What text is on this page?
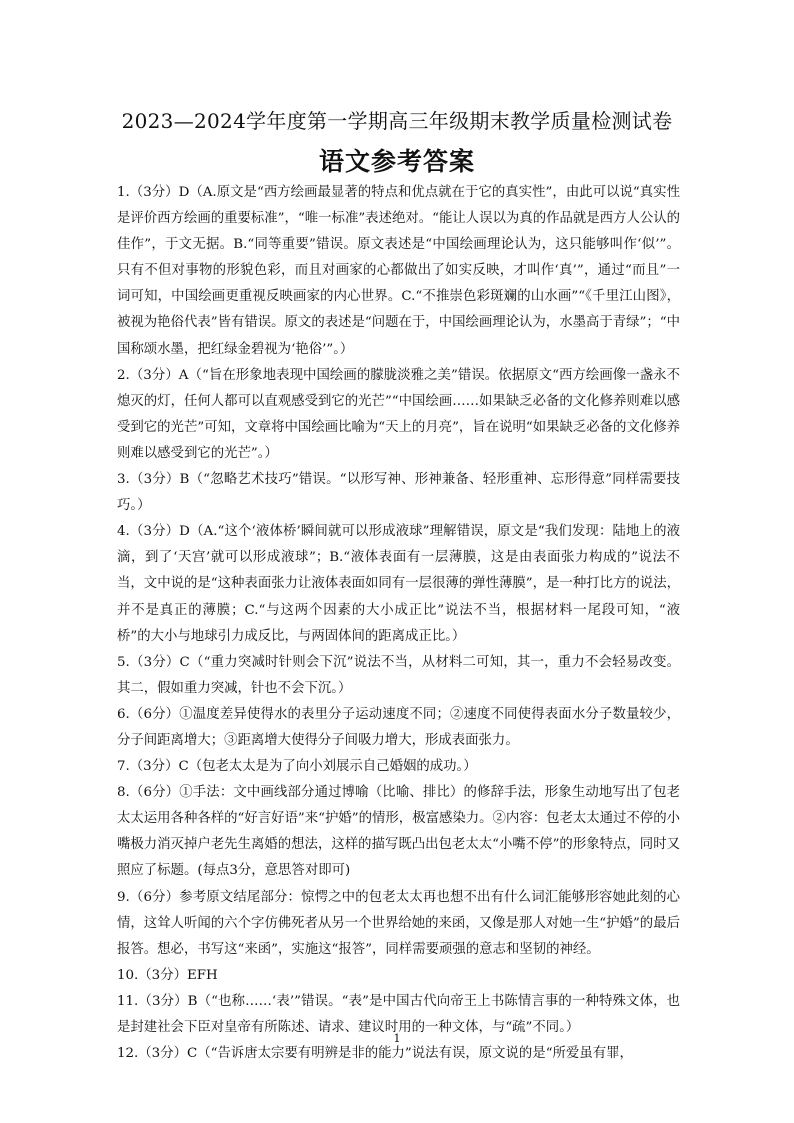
2023—2024学年度第一学期高三年级期末教学质量检测试卷
语文参考答案

1.（3分）D（A.原文是“西方绘画最显著的特点和优点就在于它的真实性”，由此可以说“真实性是评价西方绘画的重要标准”，“唯一标准”表述绝对。“能让人误以为真的作品就是西方人公认的佳作”，于文无据。B.“同等重要”错误。原文表述是“中国绘画理论认为，这只能够叫作‘似’”。只有不但对事物的形貌色彩，而且对画家的心都做出了如实反映，才叫作‘真’”，通过“而且”一词可知，中国绘画更重视反映画家的内心世界。C.“不推崇色彩斑斓的山水画”“《千里江山图》，被视为艳俗代表”皆有错误。原文的表述是“问题在于，中国绘画理论认为，水墨高于青绿”；“中国称颂水墨，把红绿金碧视为‘艳俗’”。）

2.（3分）A（“旨在形象地表现中国绘画的朦胧淡雅之美”错误。依据原文“西方绘画像一盏永不熄灭的灯，任何人都可以直观感受到它的光芒”“中国绘画……如果缺乏必备的文化修养则难以感受到它的光芒”可知，文章将中国绘画比喻为“天上的月亮”，旨在说明“如果缺乏必备的文化修养则难以感受到它的光芒”。）

3.（3分）B（“忽略艺术技巧”错误。“以形写神、形神兼备、轻形重神、忘形得意”同样需要技巧。）

4.（3分）D（A.“这个‘液体桥’瞬间就可以形成液球”理解错误，原文是“我们发现：陆地上的液滴，到了‘天宫’就可以形成液球”；B.“液体表面有一层薄膜，这是由表面张力构成的”说法不当，文中说的是“这种表面张力让液体表面如同有一层很薄的弹性薄膜”，是一种打比方的说法，并不是真正的薄膜；C.“与这两个因素的大小成正比”说法不当，根据材料一尾段可知，“液桥”的大小与地球引力成反比，与两固体间的距离成正比。）

5.（3分）C（“重力突减时针则会下沉”说法不当，从材料二可知，其一，重力不会轻易改变。其二，假如重力突减，针也不会下沉。）

6.（6分）①温度差异使得水的表里分子运动速度不同；②速度不同使得表面水分子数量较少，分子间距离增大；③距离增大使得分子间吸力增大，形成表面张力。

7.（3分）C（包老太太是为了向小刘展示自己婚姻的成功。）

8.（6分）①手法：文中画线部分通过博喻（比喻、排比）的修辞手法，形象生动地写出了包老太太运用各种各样的“好言好语”来“护婚”的情形，极富感染力。②内容：包老太太通过不停的小嘴极力消灭掉户老先生离婚的想法，这样的描写既凸出包老太太“小嘴不停”的形象特点，同时又照应了标题。(每点3分，意思答对即可)

9.（6分）参考原文结尾部分：惊愕之中的包老太太再也想不出有什么词汇能够形容她此刻的心情，这耸人听闻的六个字仿佛死者从另一个世界给她的来函，又像是那人对她一生“护婚”的最后报答。想必，书写这“来函”，实施这“报答”，同样需要顽强的意志和坚韧的神经。

10.（3分）EFH

11.（3分）B（“也称……‘表’”错误。“表”是中国古代向帝王上书陈情言事的一种特殊文体，也是封建社会下臣对皇帝有所陈述、请求、建议时用的一种文体，与“疏”不同。）

12.（3分）C（“告诉唐太宗要有明辨是非的能力”说法有误，原文说的是“所爱虽有罪，

1
